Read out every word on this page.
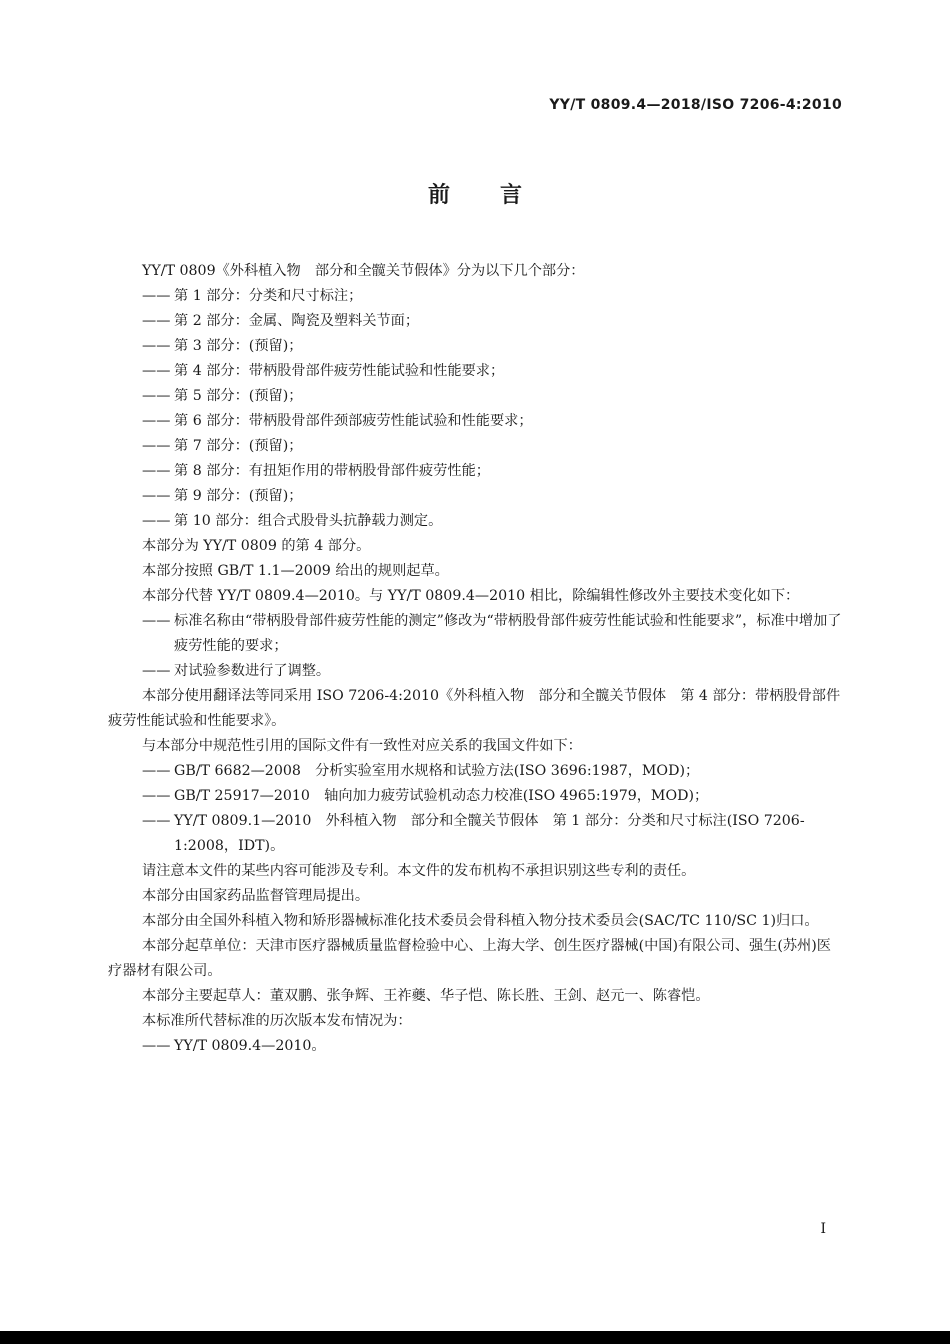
YY/T 0809.4—2018/ISO 7206-4:2010
前言

YY/T 0809《外科植入物　部分和全髋关节假体》分为以下几个部分：

—— 第 1 部分：分类和尺寸标注；

—— 第 2 部分：金属、陶瓷及塑料关节面；

—— 第 3 部分：(预留)；

—— 第 4 部分：带柄股骨部件疲劳性能试验和性能要求；

—— 第 5 部分：(预留)；

—— 第 6 部分：带柄股骨部件颈部疲劳性能试验和性能要求；

—— 第 7 部分：(预留)；

—— 第 8 部分：有扭矩作用的带柄股骨部件疲劳性能；

—— 第 9 部分：(预留)；

—— 第 10 部分：组合式股骨头抗静载力测定。

本部分为 YY/T 0809 的第 4 部分。

本部分按照 GB/T 1.1—2009 给出的规则起草。

本部分代替 YY/T 0809.4—2010。与 YY/T 0809.4—2010 相比，除编辑性修改外主要技术变化如下：

—— 标准名称由“带柄股骨部件疲劳性能的测定”修改为“带柄股骨部件疲劳性能试验和性能要求”，标准中增加了疲劳性能的要求；

—— 对试验参数进行了调整。

本部分使用翻译法等同采用 ISO 7206-4:2010《外科植入物　部分和全髋关节假体　第 4 部分：带柄股骨部件疲劳性能试验和性能要求》。

与本部分中规范性引用的国际文件有一致性对应关系的我国文件如下：

—— GB/T 6682—2008　分析实验室用水规格和试验方法(ISO 3696:1987，MOD)；

—— GB/T 25917—2010　轴向加力疲劳试验机动态力校准(ISO 4965:1979，MOD)；

—— YY/T 0809.1—2010　外科植入物　部分和全髋关节假体　第 1 部分：分类和尺寸标注(ISO 7206-1:2008，IDT)。

请注意本文件的某些内容可能涉及专利。本文件的发布机构不承担识别这些专利的责任。

本部分由国家药品监督管理局提出。

本部分由全国外科植入物和矫形器械标准化技术委员会骨科植入物分技术委员会(SAC/TC 110/SC 1)归口。

本部分起草单位：天津市医疗器械质量监督检验中心、上海大学、创生医疗器械(中国)有限公司、强生(苏州)医疗器材有限公司。

本部分主要起草人：董双鹏、张争辉、王祚夔、华子恺、陈长胜、王剑、赵元一、陈睿恺。

本标准所代替标准的历次版本发布情况为：

—— YY/T 0809.4—2010。

I
